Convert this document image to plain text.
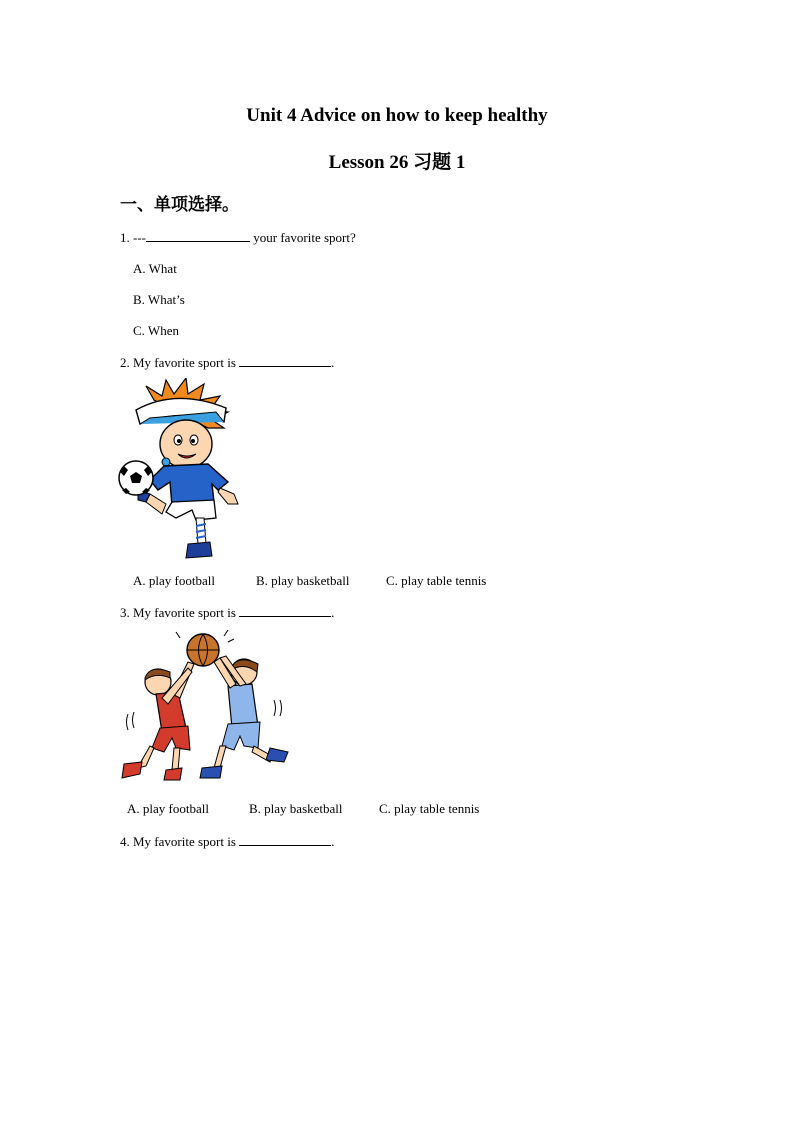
Unit 4 Advice on how to keep healthy
Lesson 26 习题 1
一、单项选择。
1. ---	your favorite sport?
A. What
B. What’s
C. When
2. My favorite sport is	.
A. play football	B. play basketball	C. play table tennis
3. My favorite sport is	.
A. play football	B. play basketball	C. play table tennis
4. My favorite sport is	.
